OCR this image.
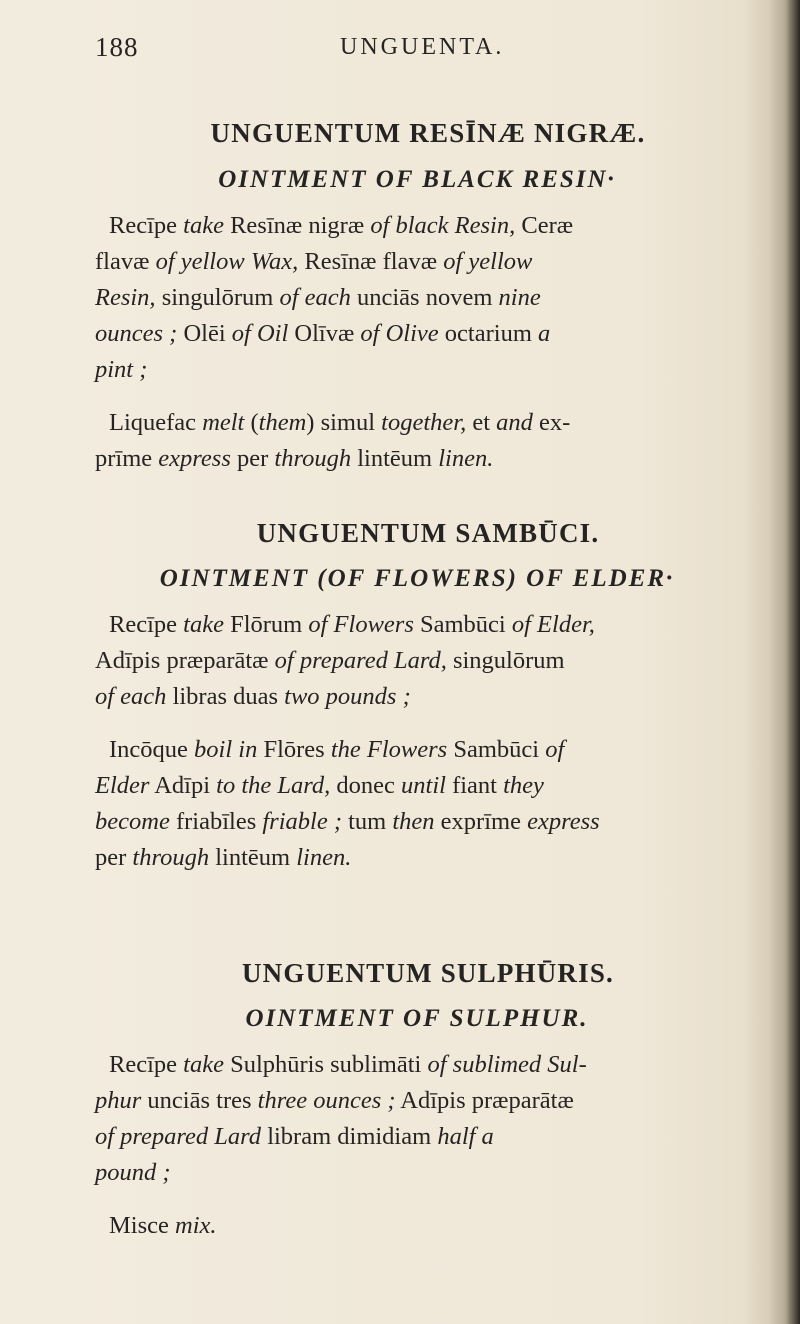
188	UNGUENTA.
UNGUENTUM RESĪNÆ NIGRÆ.
OINTMENT OF BLACK RESIN·

Recīpe take Resīnæ nigræ of black Resin, Ceræ
flavæ of yellow Wax, Resīnæ flavæ of yellow
Resin, singulōrum of each unciās novem nine
ounces ; Olēi of Oil Olīvæ of Olive octarium a
pint ;

Liquefac melt (them) simul together, et and ex-
prīme express per through lintēum linen.

UNGUENTUM SAMBŪCI.
OINTMENT (OF FLOWERS) OF ELDER·

Recīpe take Flōrum of Flowers Sambūci of Elder,
Adīpis præparātæ of prepared Lard, singulōrum
of each libras duas two pounds ;

Incōque boil in Flōres the Flowers Sambūci of
Elder Adīpi to the Lard, donec until fiant they
become friabīles friable ; tum then exprīme express
per through lintēum linen.

UNGUENTUM SULPHŪRIS.
OINTMENT OF SULPHUR.

Recīpe take Sulphūris sublimāti of sublimed Sul-
phur unciās tres three ounces ; Adīpis præparātæ
of prepared Lard libram dimidiam half a
pound ;

Misce mix.
